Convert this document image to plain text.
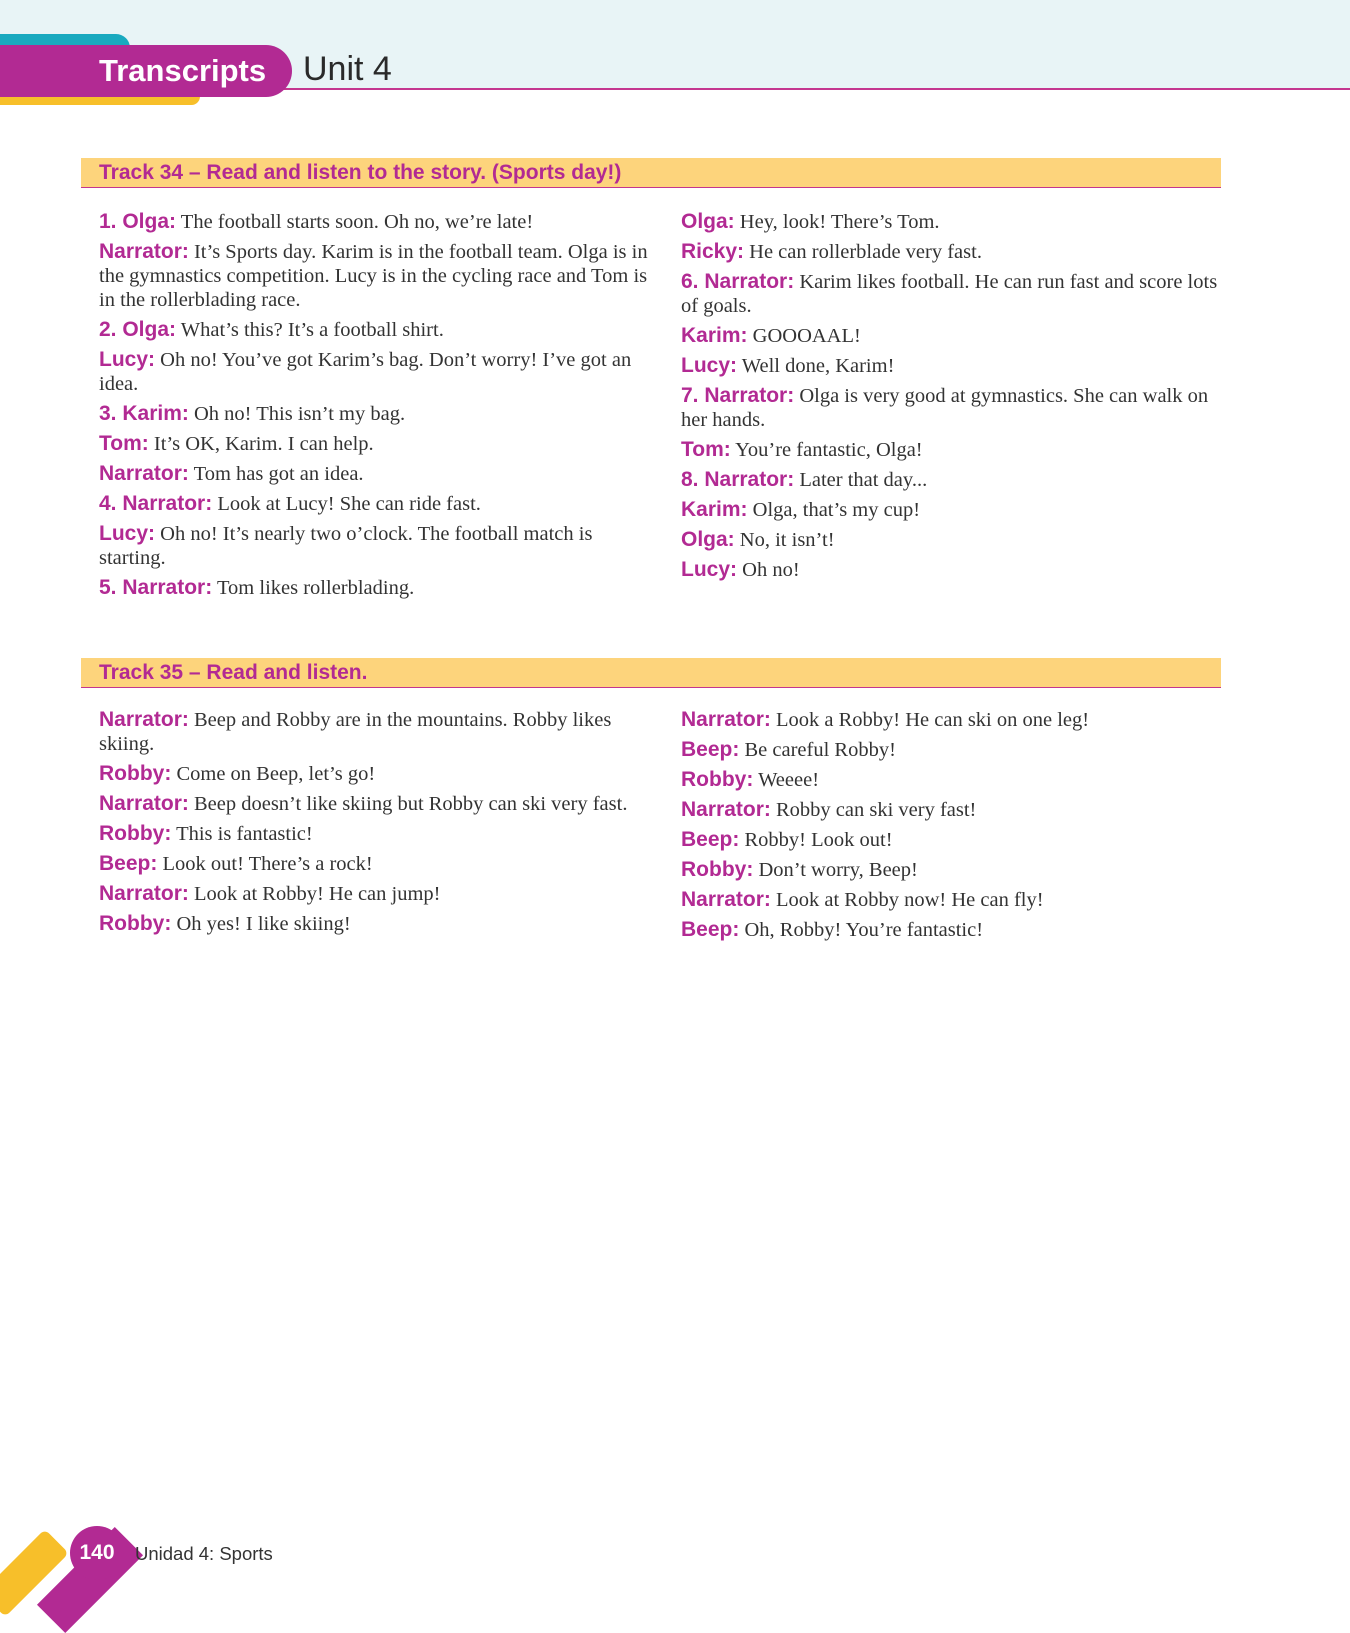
Transcripts Unit 4
Track 34 – Read and listen to the story. (Sports day!)

1. Olga: The football starts soon. Oh no, we’re late!

Narrator: It’s Sports day. Karim is in the football team. Olga is in the gymnastics competition. Lucy is in the cycling race and Tom is in the rollerblading race.

2. Olga: What’s this? It’s a football shirt.

Lucy: Oh no! You’ve got Karim’s bag. Don’t worry! I’ve got an idea.

3. Karim: Oh no! This isn’t my bag.

Tom: It’s OK, Karim. I can help.

Narrator: Tom has got an idea.

4. Narrator: Look at Lucy! She can ride fast.

Lucy: Oh no! It’s nearly two o’clock. The football match is starting.

5. Narrator: Tom likes rollerblading.

Olga: Hey, look! There’s Tom.

Ricky: He can rollerblade very fast.

6. Narrator: Karim likes football. He can run fast and score lots of goals.

Karim: GOOOAAL!

Lucy: Well done, Karim!

7. Narrator: Olga is very good at gymnastics. She can walk on her hands.

Tom: You’re fantastic, Olga!

8. Narrator: Later that day...

Karim: Olga, that’s my cup!

Olga: No, it isn’t!

Lucy: Oh no!

Track 35 – Read and listen.

Narrator: Beep and Robby are in the mountains. Robby likes skiing.

Robby: Come on Beep, let’s go!

Narrator: Beep doesn’t like skiing but Robby can ski very fast.

Robby: This is fantastic!

Beep: Look out! There’s a rock!

Narrator: Look at Robby! He can jump!

Robby: Oh yes! I like skiing!

Narrator: Look a Robby! He can ski on one leg!

Beep: Be careful Robby!

Robby: Weeee!

Narrator: Robby can ski very fast!

Beep: Robby! Look out!

Robby: Don’t worry, Beep!

Narrator: Look at Robby now! He can fly!

Beep: Oh, Robby! You’re fantastic!

140	Unidad 4: Sports
